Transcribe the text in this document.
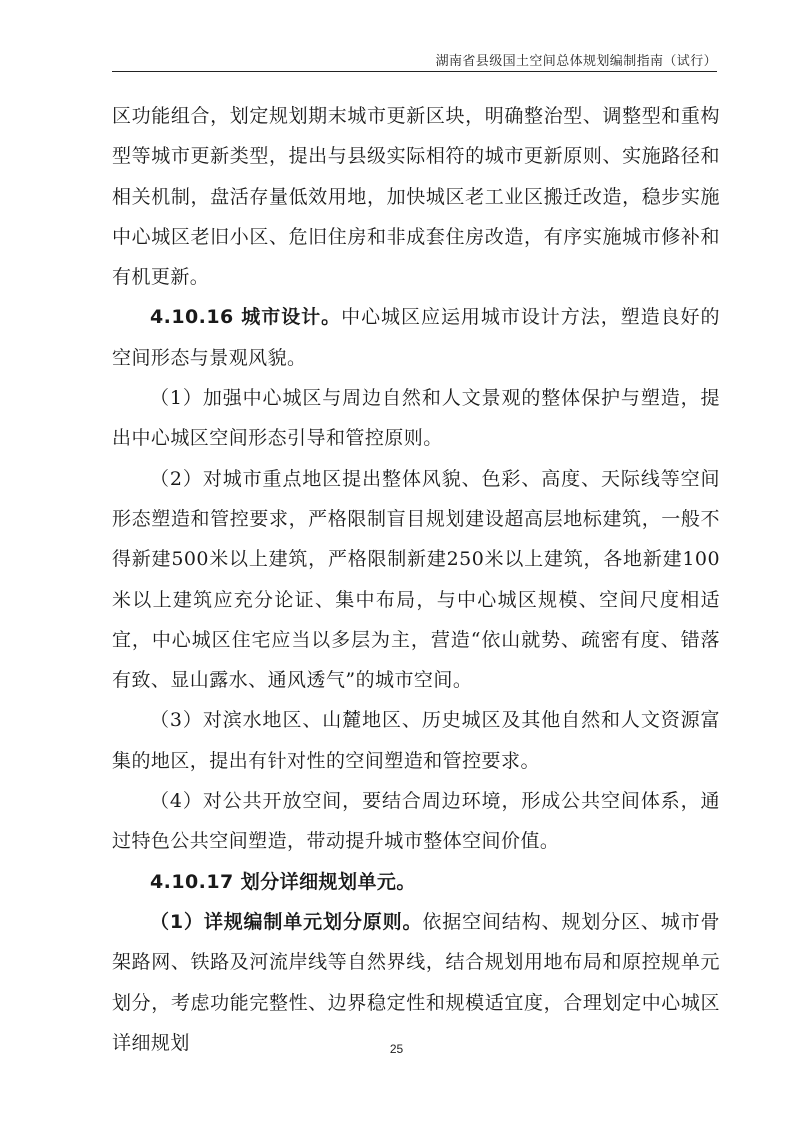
湖南省县级国土空间总体规划编制指南（试行）

区功能组合，划定规划期末城市更新区块，明确整治型、调整型和重构型等城市更新类型，提出与县级实际相符的城市更新原则、实施路径和相关机制，盘活存量低效用地，加快城区老工业区搬迁改造，稳步实施中心城区老旧小区、危旧住房和非成套住房改造，有序实施城市修补和有机更新。

4.10.16 城市设计。中心城区应运用城市设计方法，塑造良好的空间形态与景观风貌。

（1）加强中心城区与周边自然和人文景观的整体保护与塑造，提出中心城区空间形态引导和管控原则。

（2）对城市重点地区提出整体风貌、色彩、高度、天际线等空间形态塑造和管控要求，严格限制盲目规划建设超高层地标建筑，一般不得新建500米以上建筑，严格限制新建250米以上建筑，各地新建100米以上建筑应充分论证、集中布局，与中心城区规模、空间尺度相适宜，中心城区住宅应当以多层为主，营造“依山就势、疏密有度、错落有致、显山露水、通风透气”的城市空间。

（3）对滨水地区、山麓地区、历史城区及其他自然和人文资源富集的地区，提出有针对性的空间塑造和管控要求。

（4）对公共开放空间，要结合周边环境，形成公共空间体系，通过特色公共空间塑造，带动提升城市整体空间价值。

4.10.17 划分详细规划单元。

（1）详规编制单元划分原则。依据空间结构、规划分区、城市骨架路网、铁路及河流岸线等自然界线，结合规划用地布局和原控规单元划分，考虑功能完整性、边界稳定性和规模适宜度，合理划定中心城区详细规划	25
